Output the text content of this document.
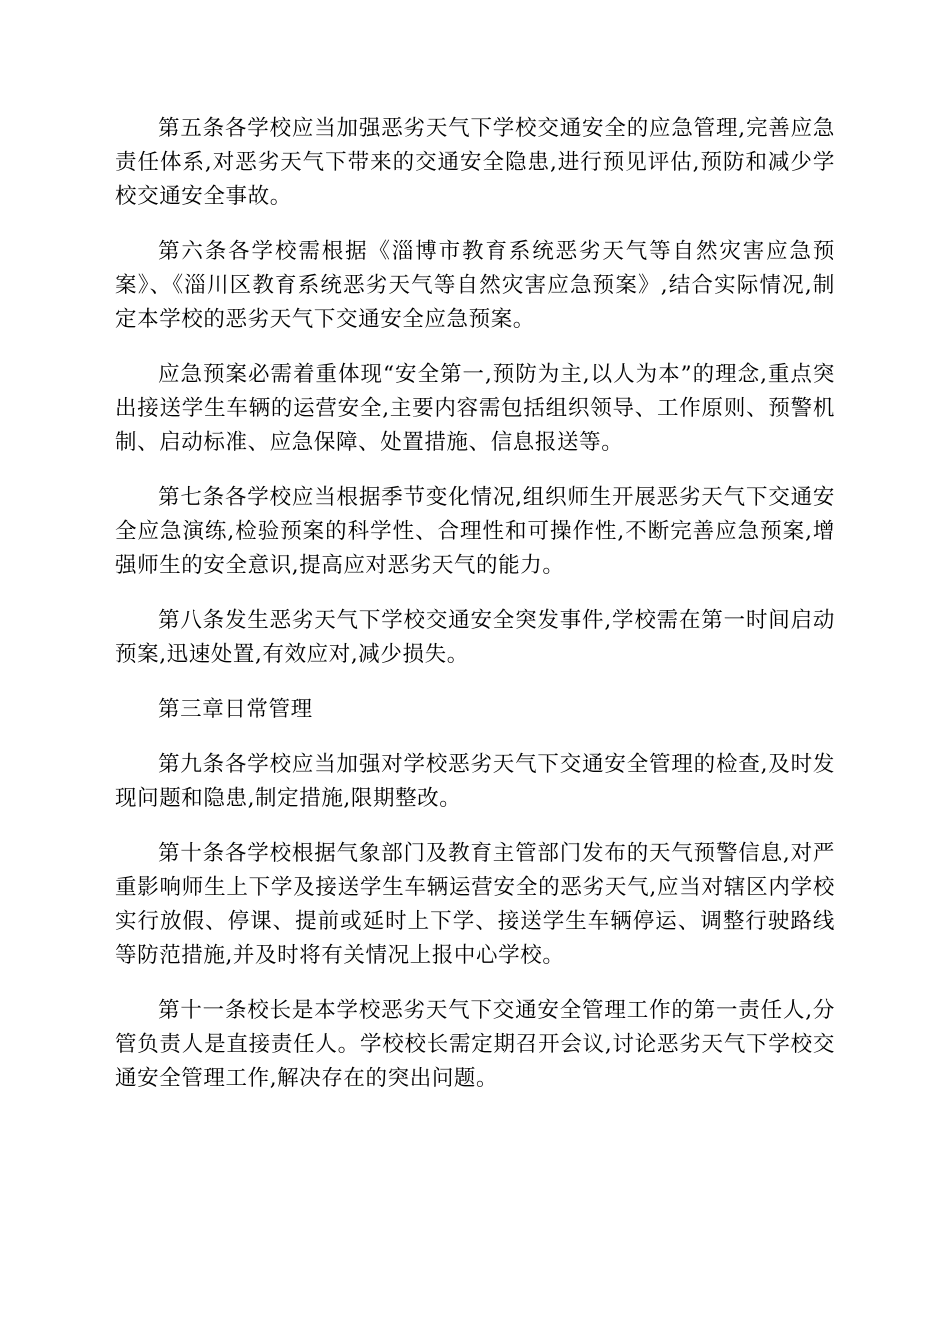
第五条各学校应当加强恶劣天气下学校交通安全的应急管理,完善应急责任体系,对恶劣天气下带来的交通安全隐患,进行预见评估,预防和减少学校交通安全事故。

第六条各学校需根据《淄博市教育系统恶劣天气等自然灾害应急预案》、《淄川区教育系统恶劣天气等自然灾害应急预案》,结合实际情况,制定本学校的恶劣天气下交通安全应急预案。

应急预案必需着重体现“安全第一,预防为主,以人为本”的理念,重点突出接送学生车辆的运营安全,主要内容需包括组织领导、工作原则、预警机制、启动标准、应急保障、处置措施、信息报送等。

第七条各学校应当根据季节变化情况,组织师生开展恶劣天气下交通安全应急演练,检验预案的科学性、合理性和可操作性,不断完善应急预案,增强师生的安全意识,提高应对恶劣天气的能力。

第八条发生恶劣天气下学校交通安全突发事件,学校需在第一时间启动预案,迅速处置,有效应对,减少损失。

第三章日常管理

第九条各学校应当加强对学校恶劣天气下交通安全管理的检查,及时发现问题和隐患,制定措施,限期整改。

第十条各学校根据气象部门及教育主管部门发布的天气预警信息,对严重影响师生上下学及接送学生车辆运营安全的恶劣天气,应当对辖区内学校实行放假、停课、提前或延时上下学、接送学生车辆停运、调整行驶路线等防范措施,并及时将有关情况上报中心学校。

第十一条校长是本学校恶劣天气下交通安全管理工作的第一责任人,分管负责人是直接责任人。学校校长需定期召开会议,讨论恶劣天气下学校交通安全管理工作,解决存在的突出问题。
